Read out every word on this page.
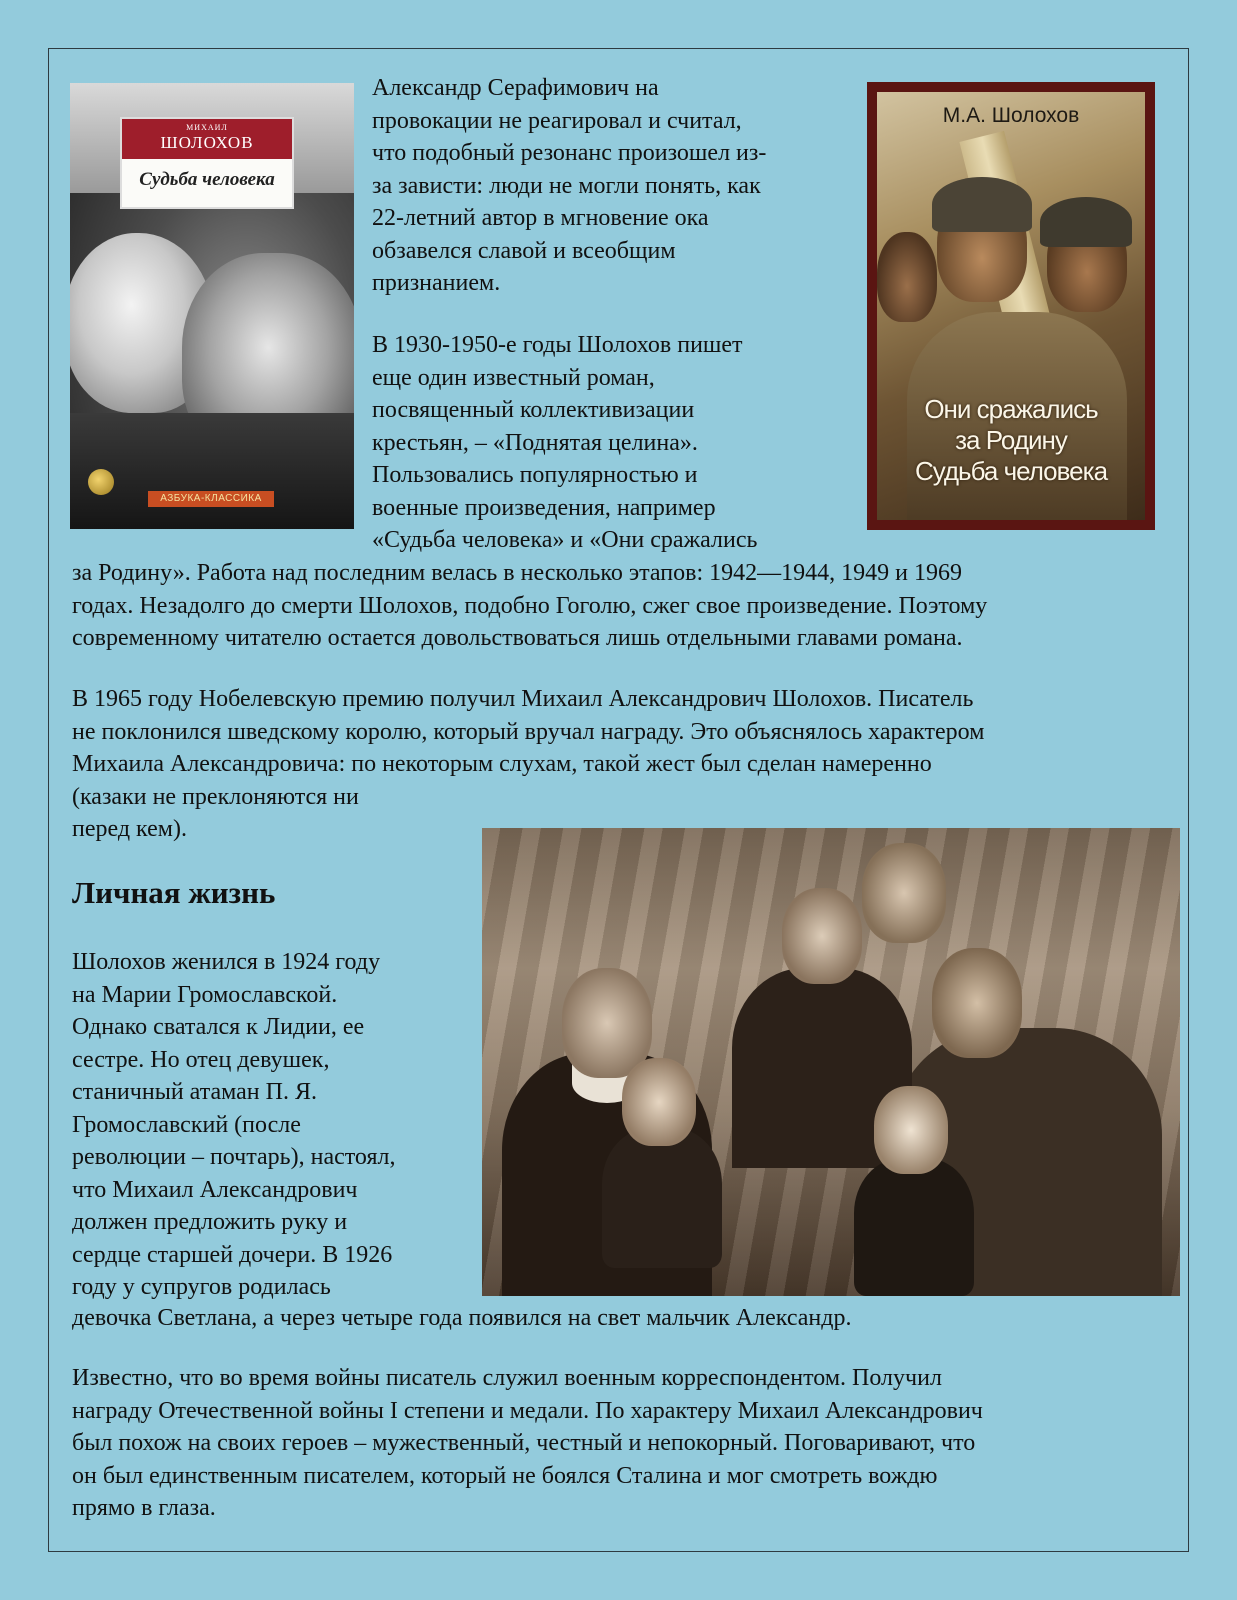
МИХАИЛ
ШОЛОХОВ
Судьба человека
АЗБУКА-КЛАССИКА

Александр Серафимович на
провокации не реагировал и считал,
что подобный резонанс произошел из-
за зависти: люди не могли понять, как
22-летний автор в мгновение ока
обзавелся славой и всеобщим
признанием.

В 1930-1950-е годы Шолохов пишет
еще один известный роман,
посвященный коллективизации
крестьян, – «Поднятая целина».
Пользовались популярностью и
военные произведения, например
«Судьба человека» и «Они сражались

М.А. Шолохов
Они сражались
за Родину
Судьба человека

за Родину». Работа над последним велась в несколько этапов: 1942—1944, 1949 и 1969
годах. Незадолго до смерти Шолохов, подобно Гоголю, сжег свое произведение. Поэтому
современному читателю остается довольствоваться лишь отдельными главами романа.

В 1965 году Нобелевскую премию получил Михаил Александрович Шолохов. Писатель
не поклонился шведскому королю, который вручал награду. Это объяснялось характером
Михаила Александровича: по некоторым слухам, такой жест был сделан намеренно
(казаки не преклоняются ни
перед кем).

Личная жизнь

Шолохов женился в 1924 году
на Марии Громославской.
Однако сватался к Лидии, ее
сестре. Но отец девушек,
станичный атаман П. Я.
Громославский (после
революции – почтарь), настоял,
что Михаил Александрович
должен предложить руку и
сердце старшей дочери. В 1926
году у супругов родилась

девочка Светлана, а через четыре года появился на свет мальчик Александр.

Известно, что во время войны писатель служил военным корреспондентом. Получил
награду Отечественной войны I степени и медали. По характеру Михаил Александрович
был похож на своих героев – мужественный, честный и непокорный. Поговаривают, что
он был единственным писателем, который не боялся Сталина и мог смотреть вождю
прямо в глаза.
